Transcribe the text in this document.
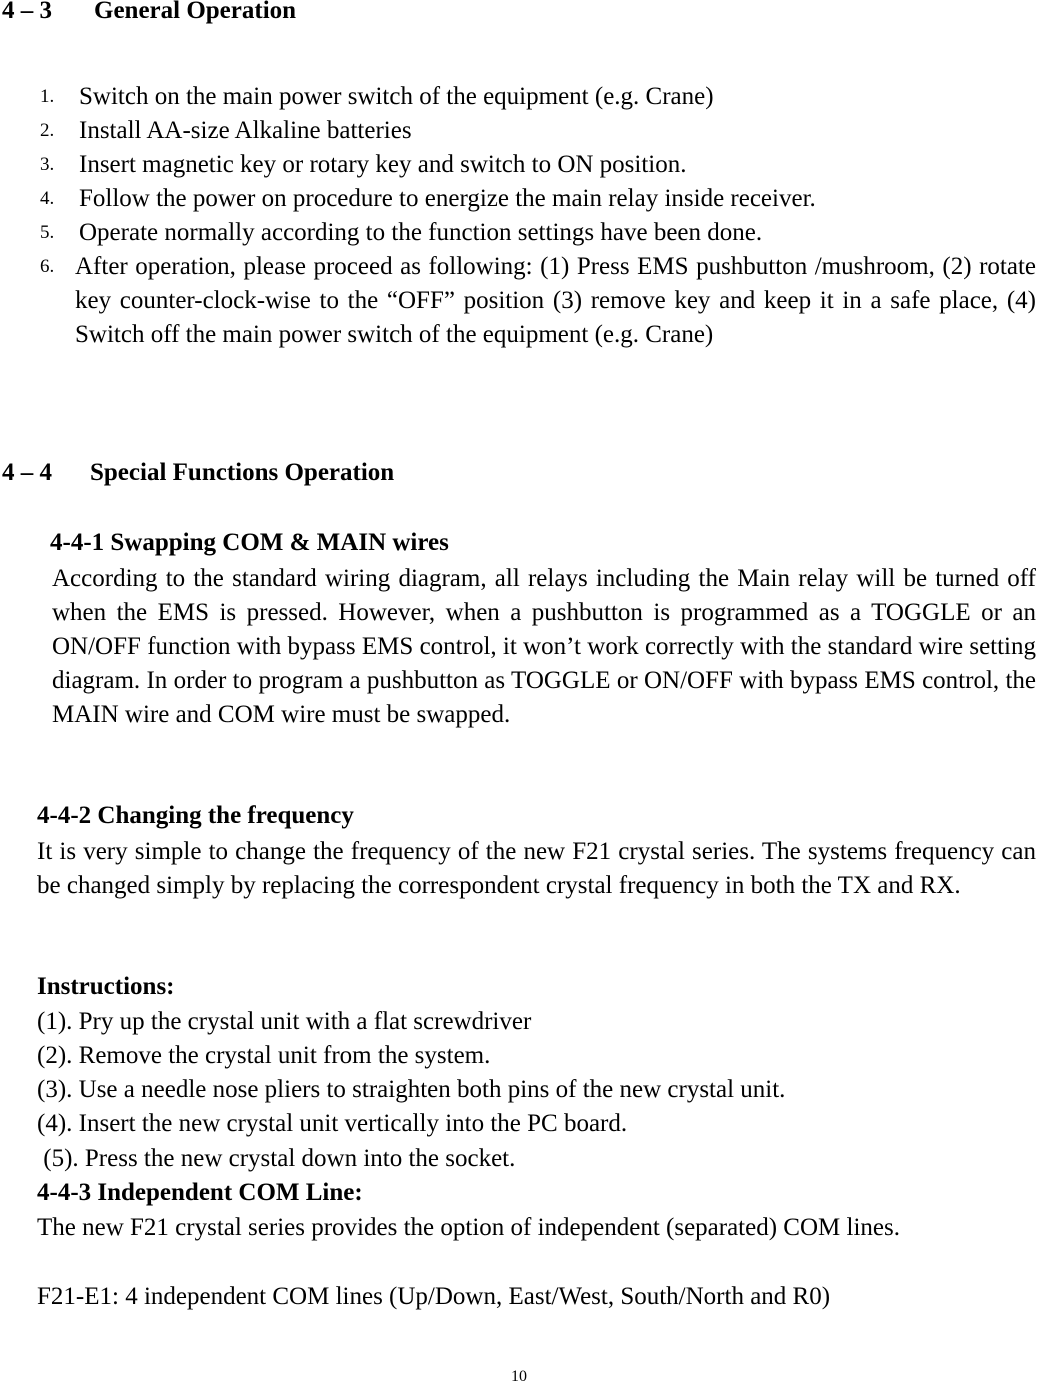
4 – 3 General Operation
1. Switch on the main power switch of the equipment (e.g. Crane)
2. Install AA-size Alkaline batteries
3. Insert magnetic key or rotary key and switch to ON position.
4. Follow the power on procedure to energize the main relay inside receiver.
5. Operate normally according to the function settings have been done.
6. After operation, please proceed as following: (1) Press EMS pushbutton /mushroom, (2) rotate key counter-clock-wise to the “OFF” position (3) remove key and keep it in a safe place, (4) Switch off the main power switch of the equipment (e.g. Crane)
4 – 4 Special Functions Operation
4-4-1 Swapping COM & MAIN wires
According to the standard wiring diagram, all relays including the Main relay will be turned off when the EMS is pressed. However, when a pushbutton is programmed as a TOGGLE or an ON/OFF function with bypass EMS control, it won’t work correctly with the standard wire setting diagram. In order to program a pushbutton as TOGGLE or ON/OFF with bypass EMS control, the MAIN wire and COM wire must be swapped.
4-4-2 Changing the frequency
It is very simple to change the frequency of the new F21 crystal series. The systems frequency can be changed simply by replacing the correspondent crystal frequency in both the TX and RX.
Instructions:
(1). Pry up the crystal unit with a flat screwdriver
(2). Remove the crystal unit from the system.
(3). Use a needle nose pliers to straighten both pins of the new crystal unit.
(4). Insert the new crystal unit vertically into the PC board.
(5). Press the new crystal down into the socket.
4-4-3 Independent COM Line:
The new F21 crystal series provides the option of independent (separated) COM lines.
F21-E1: 4 independent COM lines (Up/Down, East/West, South/North and R0)
10
